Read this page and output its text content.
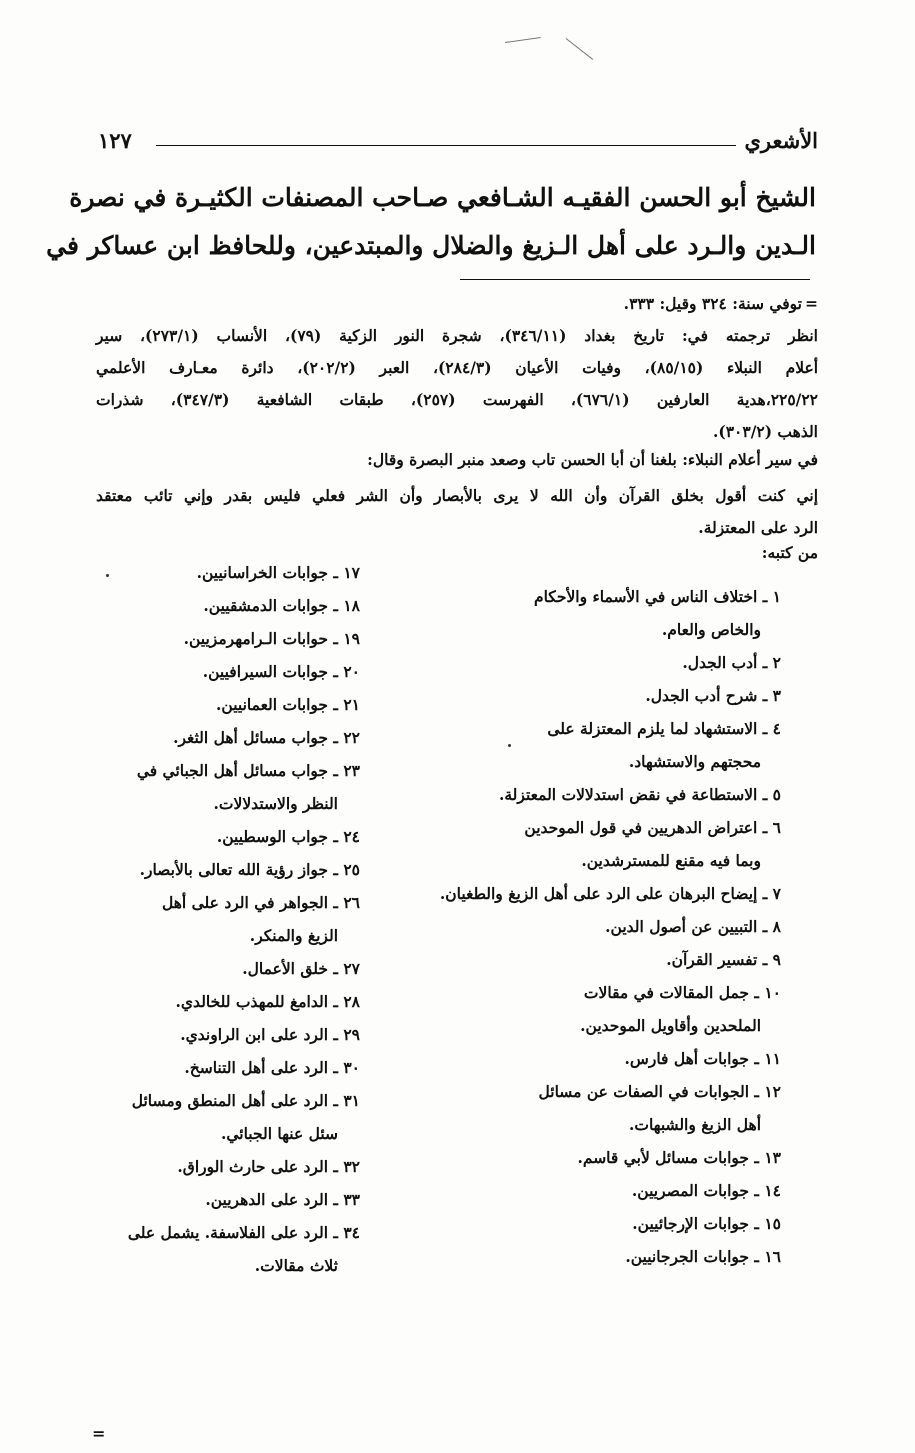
الأشعري
١٢٧
الشيخ أبو الحسن الفقيـه الشـافعي صـاحب المصنفات الكثيـرة في نصرة
الـدين والـرد على أهل الـزيغ والضلال والمبتدعين، وللحافظ ابن عساكر في
=
توفي سنة: ٣٢٤ وقيل: ٣٣٣.
انظر ترجمته في: تاريخ بغداد (٣٤٦/١١)، شجرة النور الزكية (٧٩)، الأنساب (٢٧٣/١)، سير
أعلام النبلاء (٨٥/١٥)، وفيات الأعيان (٢٨٤/٣)، العبر (٢٠٢/٢)، دائرة معـارف الأعلمي
٢٢٥/٢٢،هدية العارفين (٦٧٦/١)، الفهرست (٢٥٧)، طبقات الشافعية (٣٤٧/٣)، شذرات
الذهب (٣٠٣/٢).
في سير أعلام النبلاء: بلغنا أن أبا الحسن تاب وصعد منبر البصرة وقال:
إني كنت أقول بخلق القرآن وأن الله لا يرى بالأبصار وأن الشر فعلي فليس بقدر وإني تائب معتقد
الرد على المعتزلة.
من كتبه:
١ ـ اختلاف الناس في الأسماء والأحكام
والخاص والعام.
٢ ـ أدب الجدل.
٣ ـ شرح أدب الجدل.
٤ ـ الاستشهاد لما يلزم المعتزلة على
محجتهم والاستشهاد.
٥ ـ الاستطاعة في نقض استدلالات المعتزلة.
٦ ـ اعتراض الدهريين في قول الموحدين
وبما فيه مقنع للمسترشدين.
٧ ـ إيضاح البرهان على الرد على أهل الزيغ والطغيان.
٨ ـ التبيين عن أصول الدين.
٩ ـ تفسير القرآن.
١٠ ـ جمل المقالات في مقالات
الملحدين وأقاويل الموحدين.
١١ ـ جوابات أهل فارس.
١٢ ـ الجوابات في الصفات عن مسائل
أهل الزيغ والشبهات.
١٣ ـ جوابات مسائل لأبي قاسم.
١٤ ـ جوابات المصريين.
١٥ ـ جوابات الإرجائيين.
١٦ ـ جوابات الجرجانيين.
١٧ ـ جوابات الخراسانيين.
١٨ ـ جوابات الدمشقيين.
١٩ ـ حوابات الـرامهرمزيين.
٢٠ ـ جوابات السيرافيين.
٢١ ـ جوابات العمانيين.
٢٢ ـ جواب مسائل أهل الثغر.
٢٣ ـ جواب مسائل أهل الجبائي في
النظر والاستدلالات.
٢٤ ـ جواب الوسطيين.
٢٥ ـ جواز رؤية الله تعالى بالأبصار.
٢٦ ـ الجواهر في الرد على أهل
الزيغ والمنكر.
٢٧ ـ خلق الأعمال.
٢٨ ـ الدامغ للمهذب للخالدي.
٢٩ ـ الرد على ابن الراوندي.
٣٠ ـ الرد على أهل التناسخ.
٣١ ـ الرد على أهل المنطق ومسائل
سئل عنها الجبائي.
٣٢ ـ الرد على حارث الوراق.
٣٣ ـ الرد على الدهريين.
٣٤ ـ الرد على الفلاسفة. يشمل على
ثلاث مقالات.
=
